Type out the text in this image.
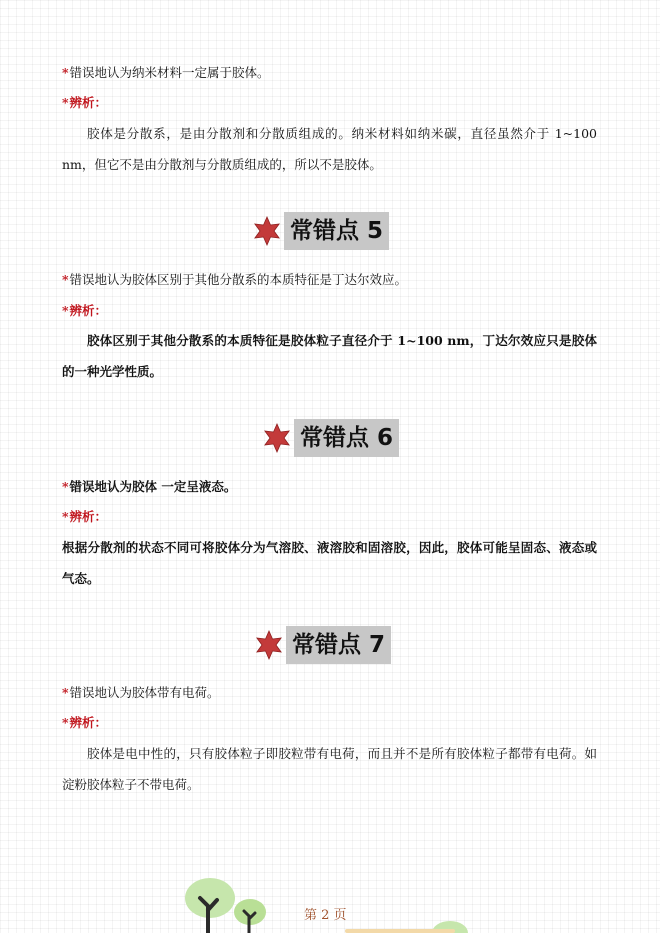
*错误地认为纳米材料一定属于胶体。
*辨析：
胶体是分散系，是由分散剂和分散质组成的。纳米材料如纳米碳，直径虽然介于 1~100 nm，但它不是由分散剂与分散质组成的，所以不是胶体。
常错点 5
*错误地认为胶体区别于其他分散系的本质特征是丁达尔效应。
*辨析：
胶体区别于其他分散系的本质特征是胶体粒子直径介于 1~100 nm，丁达尔效应只是胶体的一种光学性质。
常错点 6
*错误地认为胶体 一定呈液态。
*辨析：
根据分散剂的状态不同可将胶体分为气溶胶、液溶胶和固溶胶，因此，胶体可能呈固态、液态或气态。
常错点 7
*错误地认为胶体带有电荷。
*辨析：
胶体是电中性的，只有胶体粒子即胶粒带有电荷，而且并不是所有胶体粒子都带有电荷。如淀粉胶体粒子不带电荷。
第 2 页
